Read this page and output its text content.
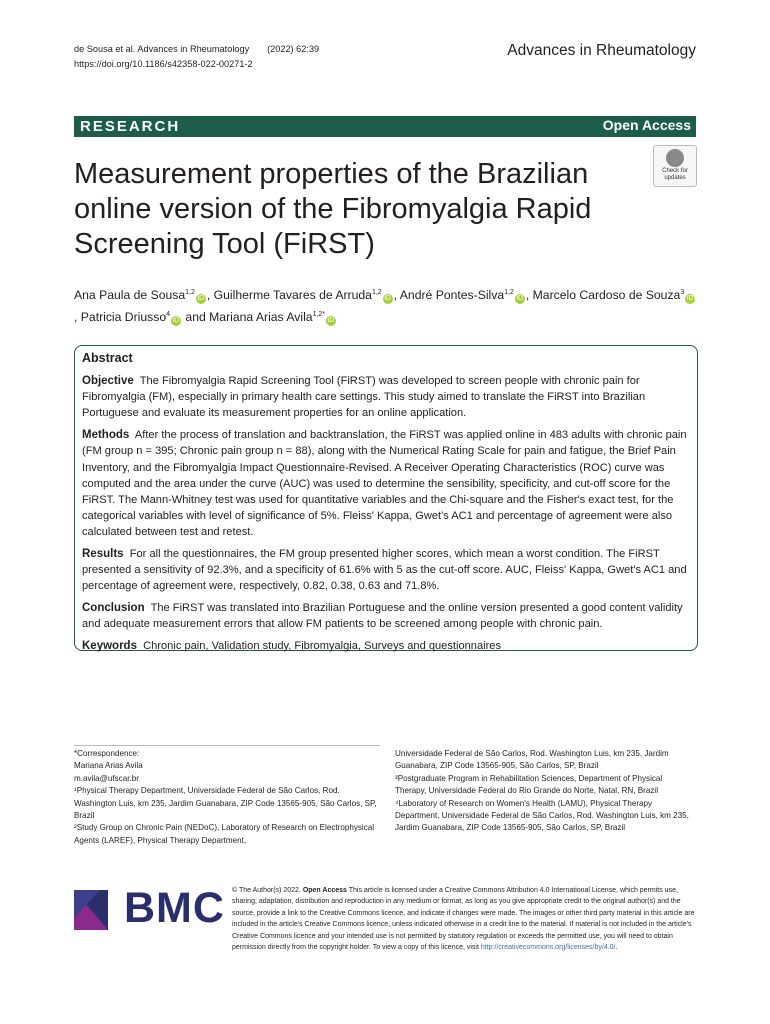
de Sousa et al. Advances in Rheumatology (2022) 62:39
https://doi.org/10.1186/s42358-022-00271-2
Advances in Rheumatology
RESEARCH	Open Access
Measurement properties of the Brazilian online version of the Fibromyalgia Rapid Screening Tool (FiRST)
Check for updates
Ana Paula de Sousa$^{1,2}$iD , Guilherme Tavares de Arruda$^{1,2}$iD , André Pontes-Silva$^{1,2}$iD , Marcelo Cardoso de Souza$^3$iD, Patricia Driusso$^4$iD and Mariana Arias Avila$^{1,2*}$iD
Abstract

Objective The Fibromyalgia Rapid Screening Tool (FiRST) was developed to screen people with chronic pain for Fibromyalgia (FM), especially in primary health care settings. This study aimed to translate the FiRST into Brazilian Portuguese and evaluate its measurement properties for an online application.

Methods After the process of translation and backtranslation, the FiRST was applied online in 483 adults with chronic pain (FM group n = 395; Chronic pain group n = 88), along with the Numerical Rating Scale for pain and fatigue, the Brief Pain Inventory, and the Fibromyalgia Impact Questionnaire-Revised. A Receiver Operating Characteristics (ROC) curve was computed and the area under the curve (AUC) was used to determine the sensibility, specificity, and cut-off score for the FiRST. The Mann-Whitney test was used for quantitative variables and the Chi-square and the Fisher's exact test, for the categorical variables with level of significance of 5%. Fleiss' Kappa, Gwet's AC1 and percentage of agreement were also calculated between test and retest.

Results For all the questionnaires, the FM group presented higher scores, which mean a worst condition. The FiRST presented a sensitivity of 92.3%, and a specificity of 61.6% with 5 as the cut-off score. AUC, Fleiss' Kappa, Gwet's AC1 and percentage of agreement were, respectively, 0.82, 0.38, 0.63 and 71.8%.

Conclusion The FiRST was translated into Brazilian Portuguese and the online version presented a good content validity and adequate measurement errors that allow FM patients to be screened among people with chronic pain.

Keywords Chronic pain, Validation study, Fibromyalgia, Surveys and questionnaires

*Correspondence:
Mariana Arias Avila
m.avila@ufscar.br
¹Physical Therapy Department, Universidade Federal de São Carlos, Rod. Washington Luis, km 235, Jardim Guanabara, ZIP Code 13565-905, São Carlos, SP, Brazil
²Study Group on Chronic Pain (NEDoC), Laboratory of Research on Electrophysical Agents (LAREF), Physical Therapy Department,
Universidade Federal de São Carlos, Rod. Washington Luis, km 235, Jardim Guanabara, ZIP Code 13565-905, São Carlos, SP, Brazil
³Postgraduate Program in Rehabilitation Sciences, Department of Physical Therapy, Universidade Federal do Rio Grande do Norte, Natal, RN, Brazil
⁴Laboratory of Research on Women's Health (LAMU), Physical Therapy Department, Universidade Federal de São Carlos, Rod. Washington Luis, km 235, Jardim Guanabara, ZIP Code 13565-905, São Carlos, SP, Brazil
BMC © The Author(s) 2022. Open Access This article is licensed under a Creative Commons Attribution 4.0 International License, which permits use, sharing, adaptation, distribution and reproduction in any medium or format, as long as you give appropriate credit to the original author(s) and the source, provide a link to the Creative Commons licence, and indicate if changes were made. The images or other third party material in this article are included in the article's Creative Commons licence, unless indicated otherwise in a credit line to the material. If material is not included in the article's Creative Commons licence and your intended use is not permitted by statutory regulation or exceeds the permitted use, you will need to obtain permission directly from the copyright holder. To view a copy of this licence, visit http://creativecommons.org/licenses/by/4.0/.
